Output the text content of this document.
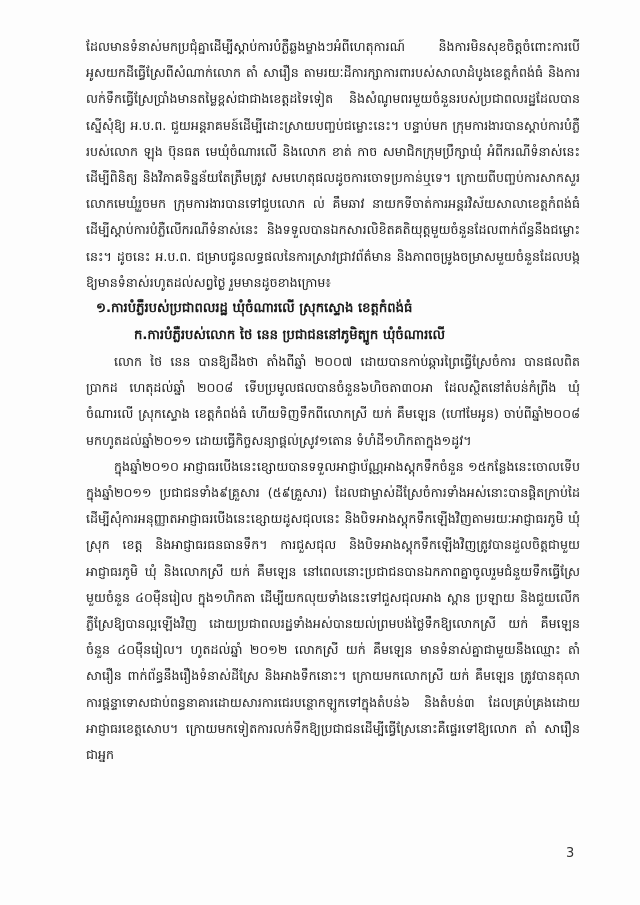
ដែលមានទំនាស់មកប្រជុំគ្នាដើម្បីស្តាប់ការបំភ្លឺឆ្លងម្ខាងៗអំពីហេតុការណ៍ និងការមិនសុខចិត្តចំពោះការបើអូសយកដីធ្វើស្រែពីសំណាក់លោក តាំ សារឿន តាមរយៈដីការក្សាការពារបស់សាលាដំបូងខេត្តកំពង់ធំ និងការលក់ទឹកធ្វើស្រែប្រាំងមានតម្លៃខ្ពស់ជាជាងខេត្តដទៃទៀត និងសំណូមពរមួយចំនួនរបស់ប្រជាពលរដ្ឋដែលបានស្នើសុំឱ្យ អ.ប.ព. ជួយអន្តរាគមន៍ដើម្បីដោះស្រាយបញ្ចប់ជម្លោះនេះ។ បន្ទាប់មក ក្រុមការងារបានស្តាប់ការបំភ្លឺរបស់លោក ឡុង ប៊ុនធត មេឃុំចំណារលើ និងលោក ខាត់ កាច សមាជិកក្រុមប្រឹក្សាឃុំ អំពីករណីទំនាស់នេះដើម្បីពិនិត្យ និងវិភាគទិន្នន័យតែត្រឹមត្រូវ សមហេតុផលដូចការចោទប្រកាន់ឬទេ។ ក្រោយពីបញ្ចប់ការសាកសួរលោកមេឃុំរួចមក ក្រុមការងារបានទៅជួបលោក ល់ គឹមឆាវ នាយកទីចាត់ការអន្តរវិស័យសាលាខេត្តកំពង់ធំ ដើម្បីស្តាប់ការបំភ្លឺលើករណីទំនាស់នេះ និងទទួលបានឯកសារលិខិតគតិយុត្តមួយចំនួនដែលពាក់ព័ន្ធនឹងជម្លោះនេះ។ ដូចនេះ អ.ប.ព. ជម្រាបជូនលទ្ធផលនៃការស្រាវជ្រាវព័ត៌មាន និងភាពចម្រូងចម្រាសមួយចំនួនដែលបង្កឱ្យមានទំនាស់រហូតដល់សព្វថ្ងៃ រួមមានដូចខាងក្រោម៖

១.ការបំភ្លឺរបស់ប្រជាពលរដ្ឋ ឃុំចំណារលើ ស្រុកស្ទោង ខេត្តកំពង់ធំ

ក.ការបំភ្លឺរបស់លោក ថៃ នេន ប្រជាជននៅភូមិត្បូក ឃុំចំណារលើ

លោក ថៃ នេន បានឱ្យដឹងថា តាំងពីឆ្នាំ ២០០៧ ដោយបានកាប់ឆ្ការព្រៃធ្វើស្រែចំការ បានផលពិតប្រាកដ ហេតុដល់ឆ្នាំ ២០០៨ ទើបប្រមូលផលបានចំនួន៦ហិចតា៣០អា ដែលស្ថិតនៅតំបន់កំព្រីង ឃុំចំណារលើ ស្រុកស្ទោង ខេត្តកំពង់ធំ ហើយទិញទឹកពីលោកស្រី យក់ គឹមឡេន (ហៅមែអូន) ចាប់ពីឆ្នាំ២០០៨ មកហូតដល់ឆ្នាំ២០១១ ដោយធ្វើកិច្ចសន្យាផ្តល់ស្រូវ១តោន ទំហំដី១ហិកតាក្នុង១ដូវ។

ក្នុងឆ្នាំ២០១០ អាជ្ញាធរបើងនេះខ្សោយបានទទួលអាជ្ញាប័ណ្ណអាងស្តុកទឹកចំនួន ១៥កន្លែងនេះចោលទើបក្នុងឆ្នាំ២០១១ ប្រជាជនទាំង៩គ្រួសារ (៥៩គ្រួសារ) ដែលជាម្ចាស់ដីស្រែចំការទាំងអស់នោះបានផ្តិតក្រាប់ដៃដើម្បីសុំការអនុញ្ញាតអាជ្ញាធរបើងនេះខ្សោយដូសជុលនេះ និងបិទអាងស្តុកទឹកឡើងវិញតាមរយៈអាជ្ញាធរភូមិ ឃុំ ស្រុក ខេត្ត និងអាជ្ញាធរធនធានទឹក។ ការជួសជុល និងបិទអាងស្តុកទឹកឡើងវិញត្រូវបានដួលចិត្តជាមួយអាជ្ញាធរភូមិ ឃុំ និងលោកស្រី យក់ គឹមឡេន នៅពេលនោះប្រជាជនបានឯកភាពគ្នាចូលរួមជំនួយទឹកធ្វើស្រែមួយចំនួន ៤០ម៉ឺនរៀល ក្នុង១ហិកតា ដើម្បីយកលុយទាំងនេះទៅជួសជុលអាង ស្ពាន ប្រឡាយ និងជួយលើកភ្លឺស្រែឱ្យបានល្អឡើងវិញ ដោយប្រជាពលរដ្ឋទាំងអស់បានយល់ព្រមបង់ថ្លៃទឹកឱ្យលោកស្រី យក់ គឹមឡេន ចំនួន ៤០ម៉ឺនរៀល។ ហូតដល់ឆ្នាំ ២០១២ លោកស្រី យក់ គឹមឡេន មានទំនាស់គ្នាជាមួយនឹងឈ្មោះ តាំ សារឿន ពាក់ព័ន្ធនឹងរឿងទំនាស់ដីស្រែ និងអាងទឹកនោះ។ ក្រោយមកលោកស្រី យក់ គឹមឡេន ត្រូវបានតុលាការផ្តន្ទាទោសជាប់ពន្ធនាគារដោយសារការជេរបន្ថោកឡូកទៅក្នុងតំបន់៦ និងតំបន់៣ ដែលគ្រប់គ្រងដោយអាជ្ញាធរខេត្តសោប។ ក្រោយមកទៀតការលក់ទឹកឱ្យប្រជាជនដើម្បីធ្វើស្រែនោះគឺផ្ទេរទៅឱ្យលោក តាំ សារឿន ជាអ្នក

3
